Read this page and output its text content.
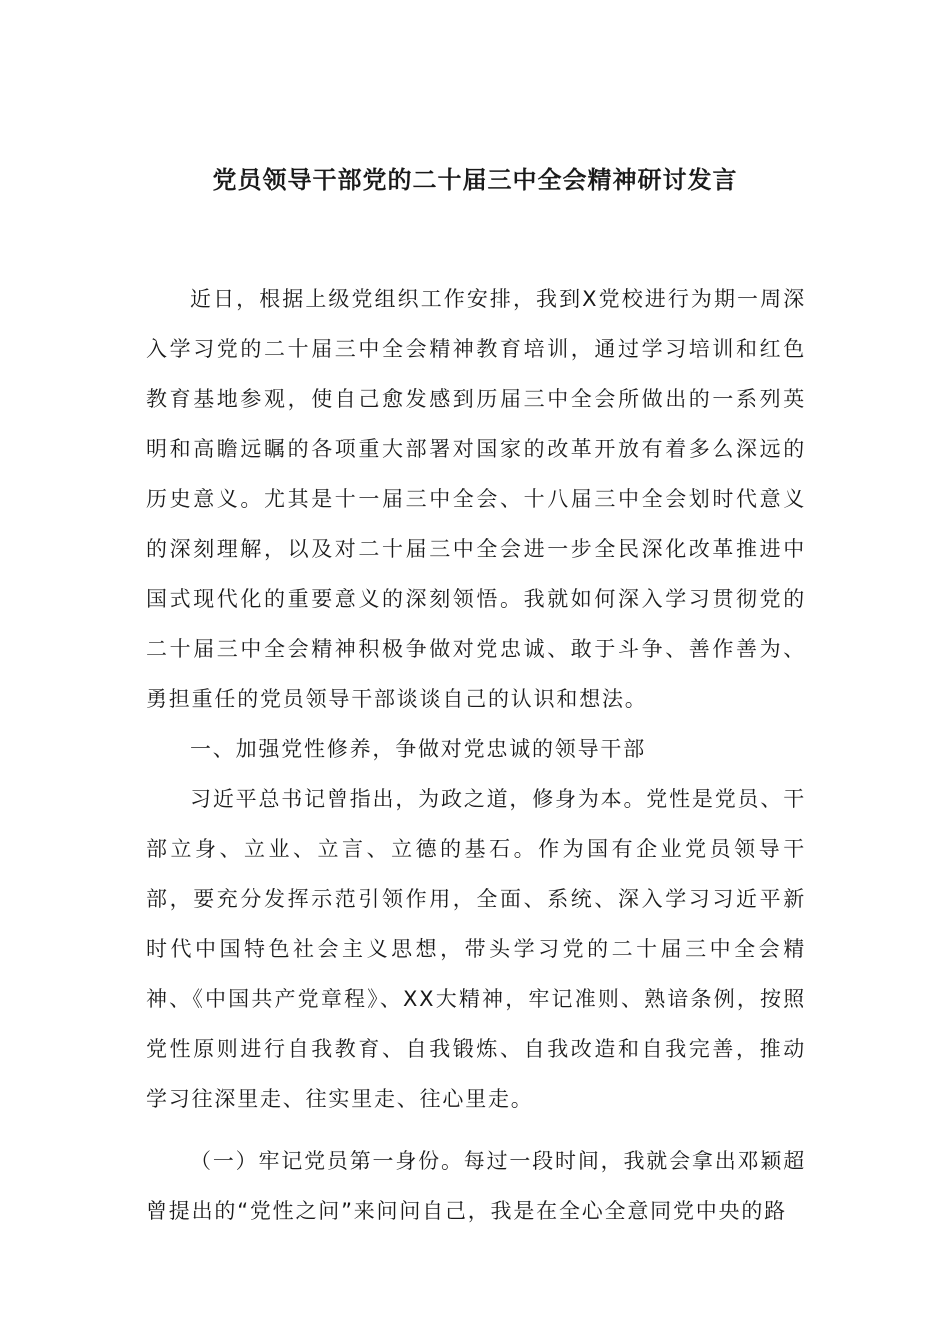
党员领导干部党的二十届三中全会精神研讨发言

近日，根据上级党组织工作安排，我到X党校进行为期一周深入学习党的二十届三中全会精神教育培训，通过学习培训和红色教育基地参观，使自己愈发感到历届三中全会所做出的一系列英明和高瞻远瞩的各项重大部署对国家的改革开放有着多么深远的历史意义。尤其是十一届三中全会、十八届三中全会划时代意义的深刻理解，以及对二十届三中全会进一步全民深化改革推进中国式现代化的重要意义的深刻领悟。我就如何深入学习贯彻党的二十届三中全会精神积极争做对党忠诚、敢于斗争、善作善为、勇担重任的党员领导干部谈谈自己的认识和想法。

一、加强党性修养，争做对党忠诚的领导干部

习近平总书记曾指出，为政之道，修身为本。党性是党员、干部立身、立业、立言、立德的基石。作为国有企业党员领导干部，要充分发挥示范引领作用，全面、系统、深入学习习近平新时代中国特色社会主义思想，带头学习党的二十届三中全会精神、《中国共产党章程》、XX大精神，牢记准则、熟谙条例，按照党性原则进行自我教育、自我锻炼、自我改造和自我完善，推动学习往深里走、往实里走、往心里走。

（一）牢记党员第一身份。每过一段时间，我就会拿出邓颖超曾提出的“党性之问”来问问自己，我是在全心全意同党中央的路
